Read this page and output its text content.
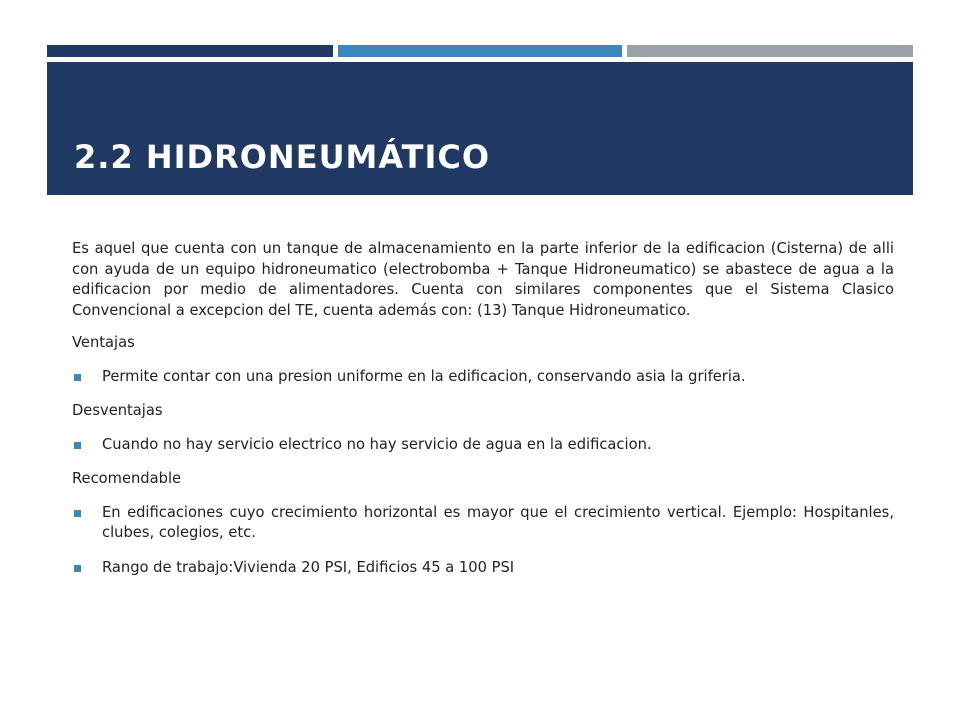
2.2 HIDRONEUMÁTICO

Es aquel que cuenta con un tanque de almacenamiento en la parte inferior de la edificacion (Cisterna) de alli con ayuda de un equipo hidroneumatico (electrobomba + Tanque Hidroneumatico) se abastece de agua a la edificacion por medio de alimentadores. Cuenta con similares componentes que el Sistema Clasico Convencional a excepcion del TE, cuenta además con: (13) Tanque Hidroneumatico.

Ventajas

Permite contar con una presion uniforme en la edificacion, conservando asia la griferia.

Desventajas

Cuando no hay servicio electrico no hay servicio de agua en la edificacion.

Recomendable

En edificaciones cuyo crecimiento horizontal es mayor que el crecimiento vertical. Ejemplo: Hospitanles, clubes, colegios, etc.
Rango de trabajo:Vivienda 20 PSI, Edificios 45 a 100 PSI
